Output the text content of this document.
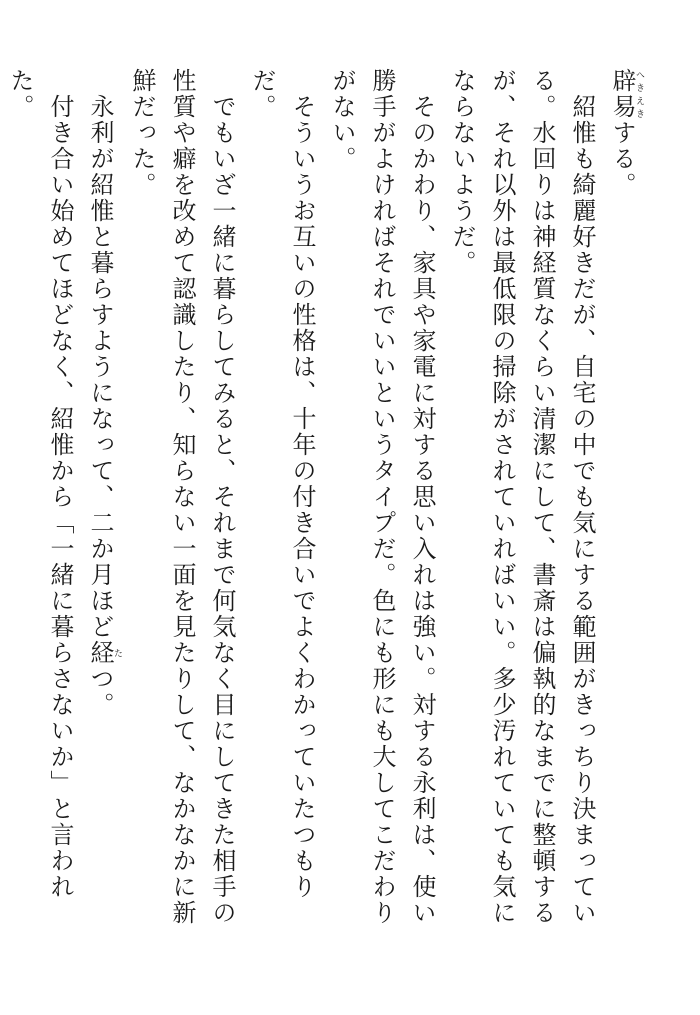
辟易へきえきする。

　紹惟も綺麗好きだが、自宅の中でも気にする範囲がきっちり決まっている。水回りは神経質なくらい清潔にして、書斎は偏執的なまでに整頓するが、それ以外は最低限の掃除がされていればいい。多少汚れていても気にならないようだ。

　そのかわり、家具や家電に対する思い入れは強い。対する永利は、使い勝手がよければそれでいいというタイプだ。色にも形にも大してこだわりがない。

　そういうお互いの性格は、十年の付き合いでよくわかっていたつもりだ。

　でもいざ一緒に暮らしてみると、それまで何気なく目にしてきた相手の性質や癖を改めて認識したり、知らない一面を見たりして、なかなかに新鮮だった。

　永利が紹惟と暮らすようになって、二か月ほど経たつ。

　付き合い始めてほどなく、紹惟から「一緒に暮らさないか」と言われた。
